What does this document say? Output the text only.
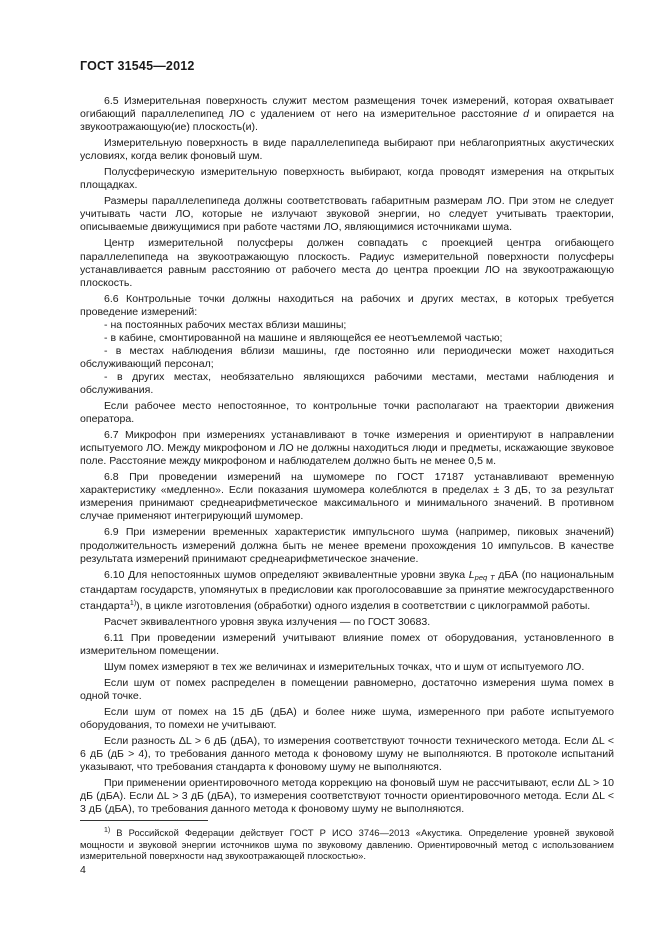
ГОСТ 31545—2012

6.5 Измерительная поверхность служит местом размещения точек измерений, которая охватывает огибающий параллелепипед ЛО с удалением от него на измерительное расстояние d и опирается на звукоотражающую(ие) плоскость(и).

Измерительную поверхность в виде параллелепипеда выбирают при неблагоприятных акустических условиях, когда велик фоновый шум.

Полусферическую измерительную поверхность выбирают, когда проводят измерения на открытых площадках.

Размеры параллелепипеда должны соответствовать габаритным размерам ЛО. При этом не следует учитывать части ЛО, которые не излучают звуковой энергии, но следует учитывать траектории, описываемые движущимися при работе частями ЛО, являющимися источниками шума.

Центр измерительной полусферы должен совпадать с проекцией центра огибающего параллелепипеда на звукоотражающую плоскость. Радиус измерительной поверхности полусферы устанавливается равным расстоянию от рабочего места до центра проекции ЛО на звукоотражающую плоскость.

6.6 Контрольные точки должны находиться на рабочих и других местах, в которых требуется проведение измерений:

- на постоянных рабочих местах вблизи машины;

- в кабине, смонтированной на машине и являющейся ее неотъемлемой частью;

- в местах наблюдения вблизи машины, где постоянно или периодически может находиться обслуживающий персонал;

- в других местах, необязательно являющихся рабочими местами, местами наблюдения и обслуживания.

Если рабочее место непостоянное, то контрольные точки располагают на траектории движения оператора.

6.7 Микрофон при измерениях устанавливают в точке измерения и ориентируют в направлении испытуемого ЛО. Между микрофоном и ЛО не должны находиться люди и предметы, искажающие звуковое поле. Расстояние между микрофоном и наблюдателем должно быть не менее 0,5 м.

6.8 При проведении измерений на шумомере по ГОСТ 17187 устанавливают временную характеристику «медленно». Если показания шумомера колеблются в пределах ± 3 дБ, то за результат измерения принимают среднеарифметическое максимального и минимального значений. В противном случае применяют интегрирующий шумомер.

6.9 При измерении временных характеристик импульсного шума (например, пиковых значений) продолжительность измерений должна быть не менее времени прохождения 10 импульсов. В качестве результата измерений принимают среднеарифметическое значение.

6.10 Для непостоянных шумов определяют эквивалентные уровни звука $L_{peq T}$ дБА (по национальным стандартам государств, упомянутых в предисловии как проголосовавшие за принятие межгосударственного стандарта$^{1)}$), в цикле изготовления (обработки) одного изделия в соответствии с циклограммой работы.

Расчет эквивалентного уровня звука излучения — по ГОСТ 30683.

6.11 При проведении измерений учитывают влияние помех от оборудования, установленного в измерительном помещении.

Шум помех измеряют в тех же величинах и измерительных точках, что и шум от испытуемого ЛО.

Если шум от помех распределен в помещении равномерно, достаточно измерения шума помех в одной точке.

Если шум от помех на 15 дБ (дБА) и более ниже шума, измеренного при работе испытуемого оборудования, то помехи не учитывают.

Если разность ΔL > 6 дБ (дБА), то измерения соответствуют точности технического метода. Если ΔL < 6 дБ (дБ > 4), то требования данного метода к фоновому шуму не выполняются. В протоколе испытаний указывают, что требования стандарта к фоновому шуму не выполняются.

При применении ориентировочного метода коррекцию на фоновый шум не рассчитывают, если ΔL > 10 дБ (дБА). Если ΔL > 3 дБ (дБА), то измерения соответствуют точности ориентировочного метода. Если ΔL < 3 дБ (дБА), то требования данного метода к фоновому шуму не выполняются.

$^{1)}$ В Российской Федерации действует ГОСТ Р ИСО 3746—2013 «Акустика. Определение уровней звуковой мощности и звуковой энергии источников шума по звуковому давлению. Ориентировочный метод с использованием измерительной поверхности над звукоотражающей плоскостью».

4
